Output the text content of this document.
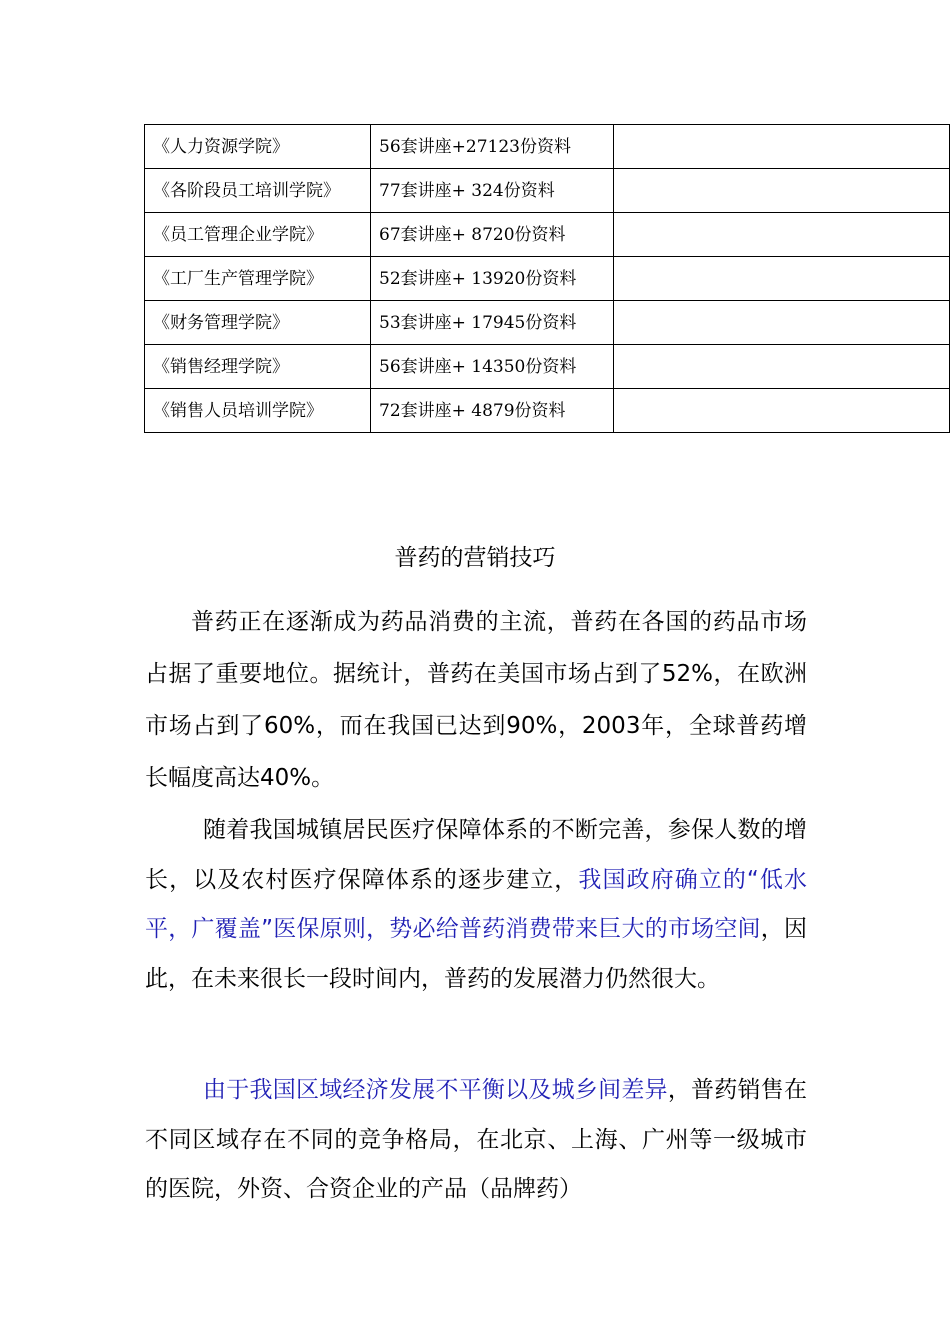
《人力资源学院》	56套讲座+27123份资料	
《各阶段员工培训学院》	77套讲座+ 324份资料	
《员工管理企业学院》	67套讲座+ 8720份资料	
《工厂生产管理学院》	52套讲座+ 13920份资料	
《财务管理学院》	53套讲座+ 17945份资料	
《销售经理学院》	56套讲座+ 14350份资料	
《销售人员培训学院》	72套讲座+ 4879份资料	
普药的营销技巧

普药正在逐渐成为药品消费的主流，普药在各国的药品市场占据了重要地位。据统计，普药在美国市场占到了52%，在欧洲市场占到了60%，而在我国已达到90%，2003年，全球普药增长幅度高达40%。

随着我国城镇居民医疗保障体系的不断完善，参保人数的增长，以及农村医疗保障体系的逐步建立，我国政府确立的“低水平，广覆盖”医保原则，势必给普药消费带来巨大的市场空间，因此，在未来很长一段时间内，普药的发展潜力仍然很大。

由于我国区域经济发展不平衡以及城乡间差异，普药销售在不同区域存在不同的竞争格局，在北京、上海、广州等一级城市的医院，外资、合资企业的产品（品牌药）
